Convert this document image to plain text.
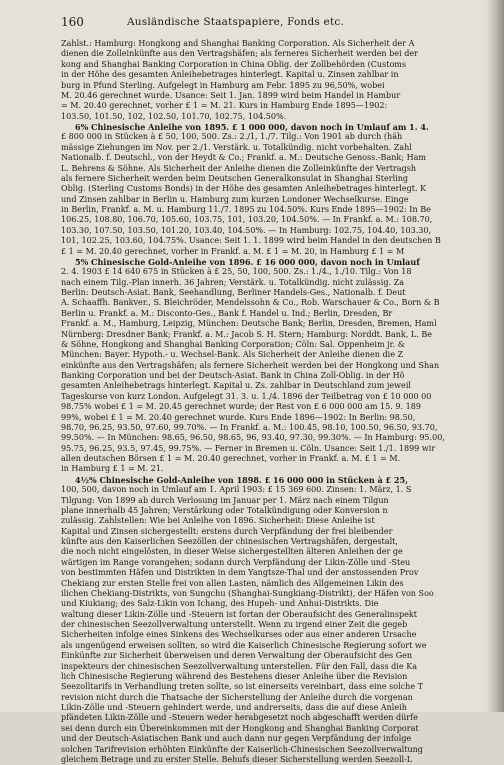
160	Ausländische Staatspapiere, Fonds etc.
Zahlst.: Hamburg: Hongkong and Shanghai Banking Corporation. Als Sicherheit der A
dienen die Zolleinkünfte aus den Vertragshäfen; als ferneres Sicherheit werden bei der
kong and Shanghai Banking Corporation in China Oblig. der Zollbehörden (Customs
in der Höhe des gesamten Anleihebetrages hinterlegt. Kapital u. Zinsen zahlbar in
burg in Pfund Sterling. Aufgelegt in Hamburg am Febr. 1895 zu 96,50%, wobei
M. 20.46 gerechnet wurde. Usance: Seit 1. Jan. 1899 wird beim Handel in Hambur
= M. 20.40 gerechnet, vorher £ 1 = M. 21. Kurs in Hamburg Ende 1895—1902:
103.50, 101.50, 102, 102.50, 101.70, 102.75, 104.50%.
6% Chinesische Anleihe von 1895. £ 1 000 000, davon noch in Umlauf am 1. 4.
£ 800 000 in Stücken à £ 50, 100, 500. Zs.: 2./1, 1./7. Tilg.: Von 1901 ab durch (häh
mässige Ziehungen im Nov. per 2./1. Verstärk. u. Totalkündig. nicht vorbehalten. Zahl
Nationalb. f. Deutschl., von der Heydt & Co.; Frankf. a. M.: Deutsche Genoss.-Bank; Ham
L. Behrens & Söhne. Als Sicherheit der Anleihe dienen die Zolleinkünfte der Vertragsh
als fernere Sicherheit werden beim Deutschen Generalkonsulat in Shanghai Sterling
Oblig. (Sterling Customs Bonds) in der Höhe des gesamten Anleihebetrages hinterlegt. K
und Zinsen zahlbar in Berlin u. Hamburg zum kurzen Londoner Wechselkurse. Einge
in Berlin, Frankf. a. M. u. Hamburg 11./7. 1895 zu 104.50%. Kurs Ende 1895—1902: In Be
106.25, 108.80, 106.70, 105.60, 103.75, 101, 103.20, 104.50%. — In Frankf. a. M.: 108.70,
103.30, 107.50, 103.50, 101.20, 103.40, 104.50%. — In Hamburg: 102.75, 104.40, 103.30,
101, 102.25, 103.60, 104.75%. Usance: Seit 1. 1. 1899 wird beim Handel in den deutschen B
£ 1 = M. 20.40 gerechnet, vorher in Frankf. a. M. £ 1 = M. 20, in Hamburg £ 1 = M
5% Chinesische Gold-Anleihe von 1896. £ 16 000 000, davon noch in Umlauf
2. 4. 1903 £ 14 640 675 in Stücken à £ 25, 50, 100, 500. Zs.: 1./4., 1./10. Tilg.: Von 18
nach einem Tilg.-Plan innerh. 36 Jahren; Verstärk. u. Totalkündig. nicht zulässig. Za
Berlin: Deutsch-Asiat. Bank, Seehandlung, Berliner Handels-Ges., Nationalb. f. Deut
A. Schaaffh. Bankver., S. Bleichröder, Mendelssohn & Co., Rob. Warschauer & Co., Born & B
Berlin u. Frankf. a. M.: Disconto-Ges., Bank f. Handel u. Ind.; Berlin, Dresden, Br
Frankf. a. M., Hamburg, Leipzig, München: Deutsche Bank; Berlin, Dresden, Bremen, Haml
Nürnberg: Dresdner Bank; Frankf. a. M.: Jacob S. H. Stern; Hamburg: Norddt. Bank, L. Be
& Söhne, Hongkong and Shanghai Banking Corporation; Cöln: Sal. Oppenheim jr. &
München: Bayer. Hypoth.- u. Wechsel-Bank. Als Sicherheit der Anleihe dienen die Z
einkünfte aus den Vertragshäfen; als fernere Sicherheit werden bei der Hongkong und Shan
Banking Corporation und bei der Deutsch-Asiat. Bank in China Zoll-Oblig. in der Hö
gesamten Anleihebetrags hinterlegt. Kapital u. Zs. zahlbar in Deutschland zum jeweil
Tageskurse von kurz London. Aufgelegt 31. 3. u. 1./4. 1896 der Teilbetrag von £ 10 000 00
98.75% wobei £ 1 = M. 20.45 gerechnet wurde; der Rest von £ 6 000 000 am 15. 9. 189
99%, wobei £ 1 = M. 20.40 gerechnet wurde. Kurs Ende 1896—1902: In Berlin: 98.50,
98.70, 96.25, 93.50, 97.60, 99.70%. — In Frankf. a. M.: 100.45, 98.10, 100.50, 96.50, 93.70,
99.50%. — In München: 98.65, 96.50, 98.65, 96, 93.40, 97.30, 99.30%. — In Hamburg: 95.00,
95.75, 96.25, 93.5, 97.45, 99.75%. — Ferner in Bremen u. Cöln. Usance: Seit 1./1. 1899 wir
allen deutschen Börsen £ 1 = M. 20.40 gerechnet, vorher in Frankf. a. M. £ 1 = M.
in Hamburg £ 1 = M. 21.
4½% Chinesische Gold-Anleihe von 1898. £ 16 000 000 in Stücken à £ 25,
100, 500, davon noch in Umlauf am 1. April 1903: £ 15 369 600. Zinsen: 1. März, 1. S
Tilgung: Von 1899 ab durch Verlosung im Januar per 1. März nach einem Tilgun
plane innerhalb 45 Jahren; Verstärkung oder Totalkündigung oder Konversion n
zulässig. Zahlstellen: Wie bei Anleihe von 1896. Sicherheit: Diese Anleihe ist
Kapital und Zinsen sichergestellt: erstens durch Verpfändung der frei bleibender
künfte aus den Kaiserlichen Seezöllen der chinesischen Vertragshäfen, dergestalt,
die noch nicht eingelösten, in dieser Weise sichergestellten älteren Anleihen der ge
wärtigen im Range vorangehen; sodann durch Verpfändung der Likin-Zölle und -Steu
von bestimmten Häfen und Distrikten in dem Yangtsze-Thal und der anstossenden Prov
Chekiang zur ersten Stelle frei von allen Lasten, nämlich des Allgemeinen Likin des
ilichen Chekiang-Distrikts, von Sungchu (Shanghai-Sungkiang-Distrikt), der Häfen von Soo
und Kiukiang; des Salz-Likin von Ichang, des Hupeh- und Anhui-Distrikts. Die
waltung dieser Likin-Zölle und -Steuern ist fortan der Oberaufsicht des Generalinspekt
der chinesischen Seezollverwaltung unterstellt. Wenn zu irgend einer Zeit die gegeb
Sicherheiten infolge eines Sinkens des Wechselkurses oder aus einer anderen Ursache
als ungenügend erweisen sollten, so wird die Kaiserlich Chinesische Regierung sofort we
Einkünfte zur Sicherheit überweisen und deren Verwaltung der Oberaufsicht des Gen
inspekteurs der chinesischen Seezollverwaltung unterstellen. Für den Fall, dass die Ka
lich Chinesische Regierung während des Bestehens dieser Anleihe über die Revision
Seezolltarifs in Verhandlung treten sollte, so ist einerseits vereinbart, dass eine solche T
revision nicht durch die Thatsache der Sicherstellung der Anleihe durch die vorgenan
Likin-Zölle und -Steuern gehindert werde, und andrerseits, dass die auf diese Anleih
pfändeten Likin-Zölle und -Steuern weder herabgesetzt noch abgeschafft werden dürfe
sei denn durch ein Übereinkommen mit der Hongkong and Shanghai Banking Corporat
und der Deutsch-Asiatischen Bank und auch dann nur gegen Verpfändung der infolge
solchen Tarifrevision erhöhten Einkünfte der Kaiserlich-Chinesischen Seezollverwaltung
gleichem Betrage und zu erster Stelle. Behufs dieser Sicherstellung werden Seezoll-L
